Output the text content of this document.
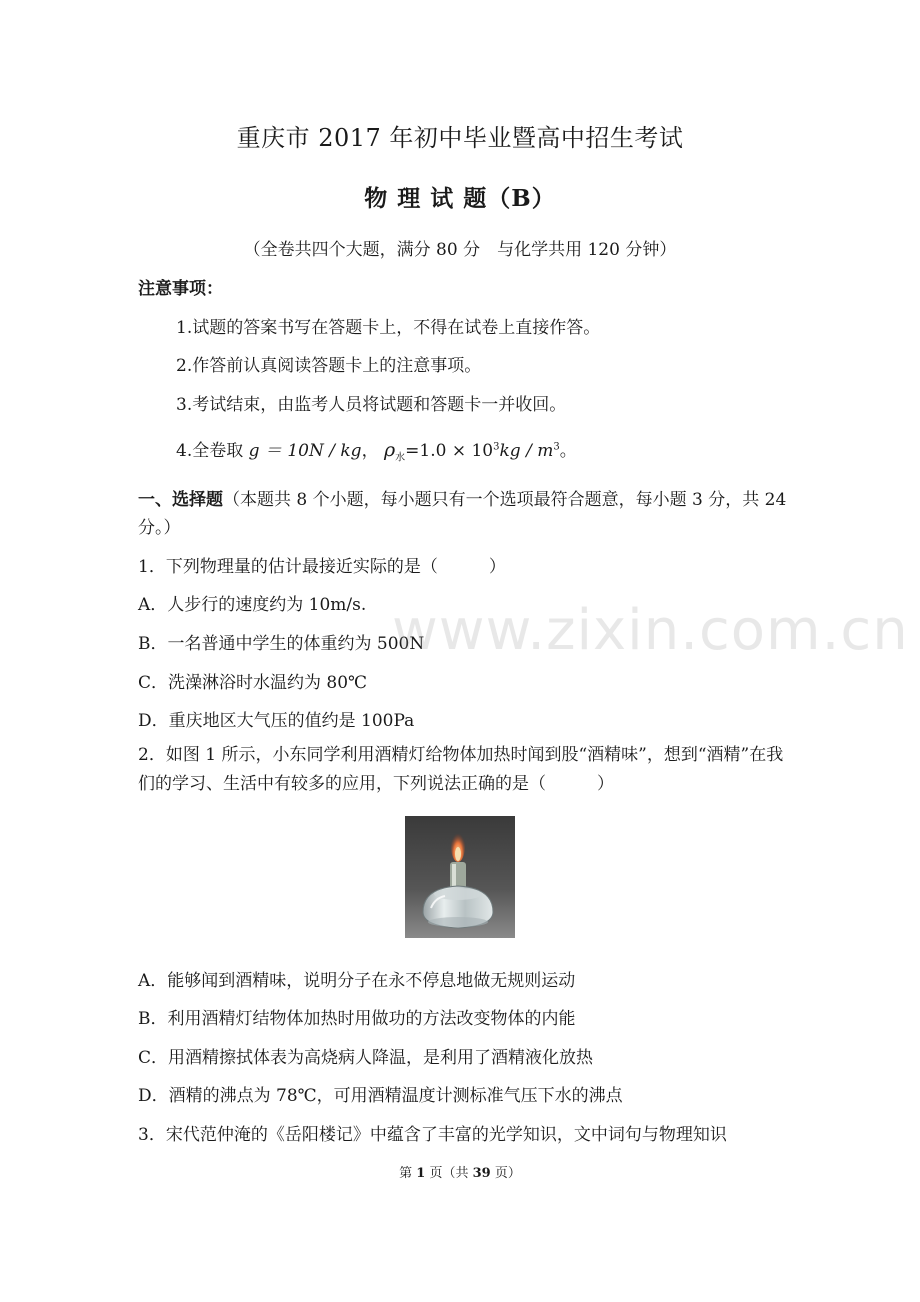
重庆市 2017 年初中毕业暨高中招生考试
物 理 试 题（B）
（全卷共四个大题，满分 80 分　与化学共用 120 分钟）
注意事项：
1.试题的答案书写在答题卡上，不得在试卷上直接作答。
2.作答前认真阅读答题卡上的注意事项。
3.考试结束，由监考人员将试题和答题卡一并收回。
4.全卷取 g ＝ 10N / kg， $\rho_水=1.0 \times 10^3kg / m^3$。
一、选择题（本题共 8 个小题，每小题只有一个选项最符合题意，每小题 3 分，共 24 分。）
1．下列物理量的估计最接近实际的是（　　　）
A．人步行的速度约为 10m/s.
B．一名普通中学生的体重约为 500N
C．洗澡淋浴时水温约为 80℃
D．重庆地区大气压的值约是 100Pa
www.zixin.com.cn
2．如图 1 所示，小东同学利用酒精灯给物体加热时闻到股“酒精味”，想到“酒精”在我们的学习、生活中有较多的应用，下列说法正确的是（　　　）
A．能够闻到酒精味，说明分子在永不停息地做无规则运动
B．利用酒精灯结物体加热时用做功的方法改变物体的内能
C．用酒精擦拭体表为高烧病人降温，是利用了酒精液化放热
D．酒精的沸点为 78℃，可用酒精温度计测标准气压下水的沸点
3．宋代范仲淹的《岳阳楼记》中蕴含了丰富的光学知识，文中词句与物理知识
第 1 页（共 39 页）
